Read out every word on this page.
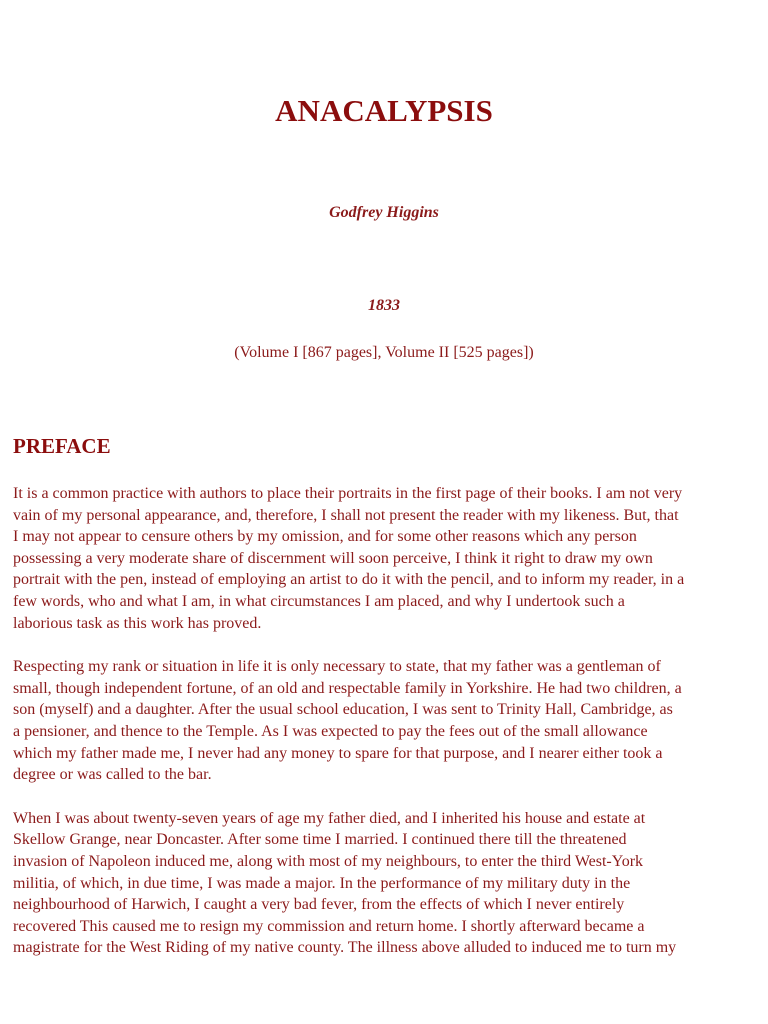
ANACALYPSIS

Godfrey Higgins

1833

(Volume I [867 pages], Volume II [525 pages])

PREFACE

It is a common practice with authors to place their portraits in the first page of their books. I am not very
vain of my personal appearance, and, therefore, I shall not present the reader with my likeness. But, that
I may not appear to censure others by my omission, and for some other reasons which any person
possessing a very moderate share of discernment will soon perceive, I think it right to draw my own
portrait with the pen, instead of employing an artist to do it with the pencil, and to inform my reader, in a
few words, who and what I am, in what circumstances I am placed, and why I undertook such a
laborious task as this work has proved.

Respecting my rank or situation in life it is only necessary to state, that my father was a gentleman of
small, though independent fortune, of an old and respectable family in Yorkshire. He had two children, a
son (myself) and a daughter. After the usual school education, I was sent to Trinity Hall, Cambridge, as
a pensioner, and thence to the Temple. As I was expected to pay the fees out of the small allowance
which my father made me, I never had any money to spare for that purpose, and I nearer either took a
degree or was called to the bar.

When I was about twenty-seven years of age my father died, and I inherited his house and estate at
Skellow Grange, near Doncaster. After some time I married. I continued there till the threatened
invasion of Napoleon induced me, along with most of my neighbours, to enter the third West-York
militia, of which, in due time, I was made a major. In the performance of my military duty in the
neighbourhood of Harwich, I caught a very bad fever, from the effects of which I never entirely
recovered This caused me to resign my commission and return home. I shortly afterward became a
magistrate for the West Riding of my native county. The illness above alluded to induced me to turn my
